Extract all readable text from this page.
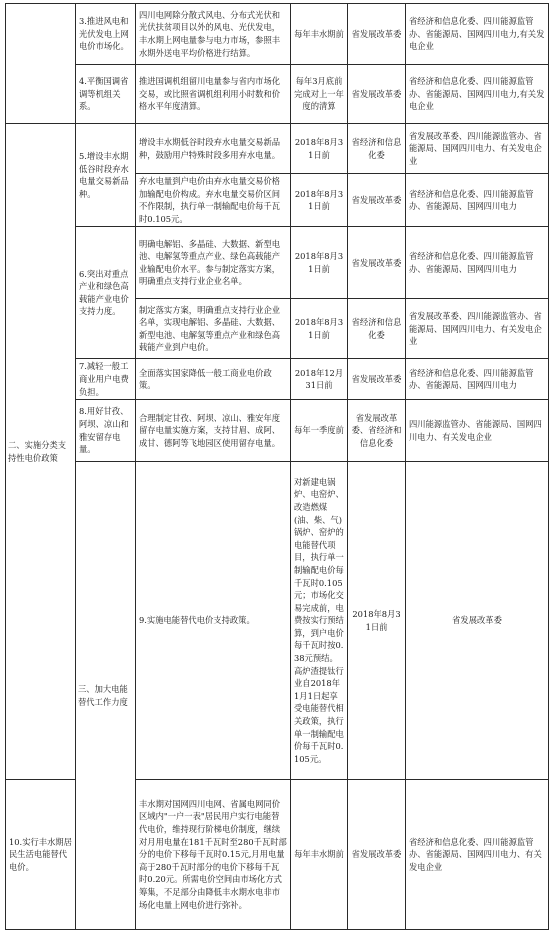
	3.推进风电和光伏发电上网电价市场化。	四川电网除分散式风电、分布式光伏和光伏扶贫项目以外的风电、光伏发电，丰水期上网电量参与电力市场，参照丰水期外送电平均价格进行结算。	每年丰水期前	省发展改革委	省经济和信息化委、四川能源监管办、省能源局、国网四川电力,有关发电企业	
	4.平衡国调省调等机组关系。	推进国调机组留川电量参与省内市场化交易，或比照省调机组利用小时数和价格水平年度清算。	每年3月底前完成对上一年度的清算	省发展改革委	省经济和信息化委、四川能源监管办、省能源局、国网四川电力,有关发电企业	
二、实施分类支持性电价政策	5.增设丰水期低谷时段弃水电量交易新品种。	增设丰水期低谷时段弃水电量交易新品种，鼓励用户特殊时段多用弃水电量。	2018年8月31日前	省经济和信息化委	省发展改革委、四川能源监管办、省能源局、国网四川电力、有关发电企业	
		弃水电量到户电价由弃水电量交易价格加输配电价构成。弃水电量交易价区间不作限制，执行单一制输配电价每千瓦时0.105元。	2018年8月31日前	省发展改革委	省经济和信息化委、四川能源监管办、省能源局、国网四川电力	
	6.突出对重点产业和绿色高载能产业电价支持力度。	明确电解铝、多晶硅、大数据、新型电池、电解氢等重点产业、绿色高载能产业输配电价水平。参与制定落实方案，明确重点支持行业企业名单。	2018年8月31日前	省发展改革委	省经济和信息化委、四川能源监管办、省能源局、国网四川电力	
		制定落实方案，明确重点支持行业企业名单，实现电解铝、多晶硅、大数据、新型电池、电解氢等重点产业和绿色高载能产业到户电价。	2018年8月31日前	省经济和信息化委	省发展改革委、四川能源监管办、省能源局、国网四川电力、有关发电企业	
	7.减轻一般工商业用户电费负担。	全面落实国家降低一般工商业电价政策。	2018年12月31日前	省发展改革委	省经济和信息化委、四川能源监管办、省能源局、国网四川电力	
	8.用好甘孜、阿坝、凉山和雅安留存电量。	合理制定甘孜、阿坝、凉山、雅安年度留存电量实施方案，支持甘眉、成阿、成甘、德阿等飞地园区使用留存电量。	每年一季度前	省发展改革委、省经济和信息化委	四川能源监管办、省能源局、国网四川电力、有关发电企业	
	三、加大电能替代工作力度	9.实施电能替代电价支持政策。	对新建电锅炉、电窑炉、改造燃煤(油、柴、气)锅炉、窑炉的电能替代项目，执行单一制输配电价每千瓦时0.105元；市场化交易完成前，电费按实行预结算，到户电价每千瓦时按0.38元预结。高炉渣提钛行业自2018年1月1日起享受电能替代相关政策，执行单一制输配电价每千瓦时0.105元。	2018年8月31日前	省发展改革委	
10.实行丰水期居民生活电能替代电价。		丰水期对国网四川电网、省属电网同价区域内"一户一表"居民用户实行电能替代电价，维持现行阶梯电价制度，继续对月用电量在181千瓦时至280千瓦时部分的电价下移每千瓦时0.15元,月用电量高于280千瓦时部分的电价下移每千瓦时0.20元。所需电价空间由市场化方式筹集，不足部分由降低丰水期水电非市场化电量上网电价进行弥补。	每年丰水期前	省发展改革委	省经济和信息化委、四川能源监管办、省能源局、国网四川电力、有关发电企业	
